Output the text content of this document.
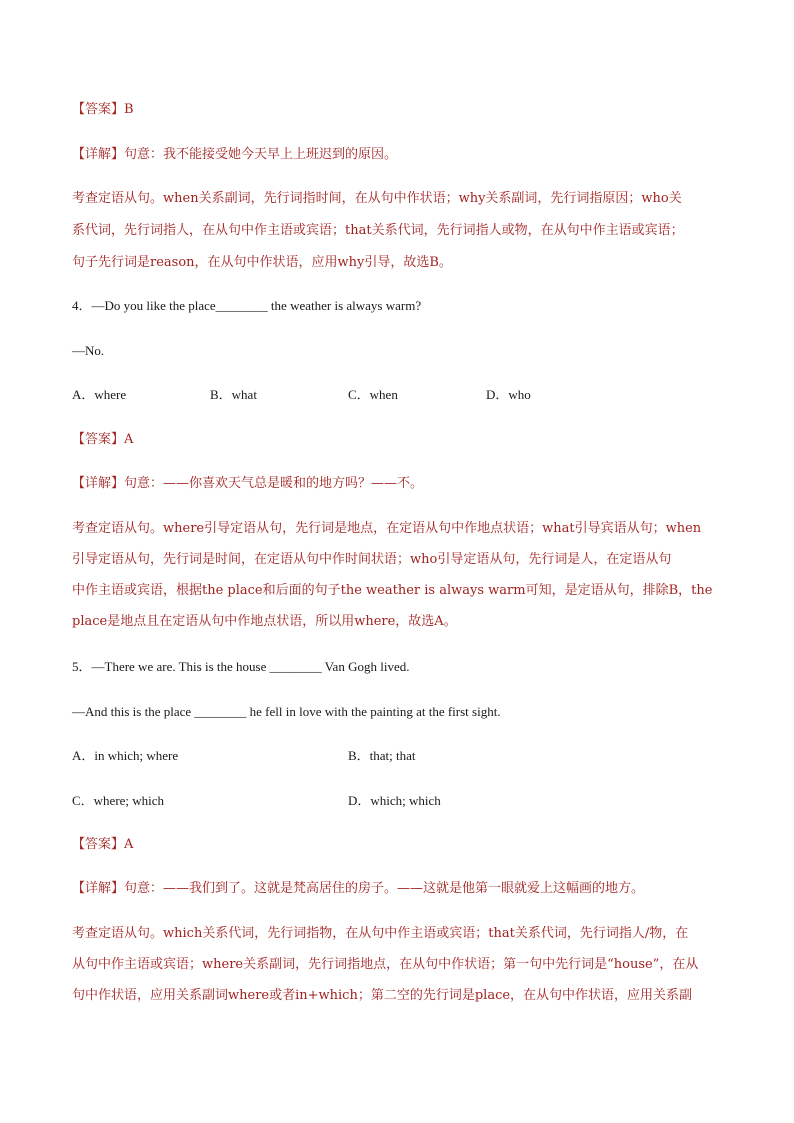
【答案】B
【详解】句意：我不能接受她今天早上上班迟到的原因。
考查定语从句。when关系副词，先行词指时间，在从句中作状语；why关系副词，先行词指原因；who关
系代词，先行词指人，在从句中作主语或宾语；that关系代词，先行词指人或物，在从句中作主语或宾语；
句子先行词是reason，在从句中作状语，应用why引导，故选B。
4．—Do you like the place________ the weather is always warm?
—No.
A．where	B．what	C．when	D．who
【答案】A
【详解】句意：——你喜欢天气总是暖和的地方吗？——不。
考查定语从句。where引导定语从句，先行词是地点，在定语从句中作地点状语；what引导宾语从句；when
引导定语从句，先行词是时间，在定语从句中作时间状语；who引导定语从句，先行词是人，在定语从句
中作主语或宾语，根据the place和后面的句子the weather is always warm可知，是定语从句，排除B，the
place是地点且在定语从句中作地点状语，所以用where，故选A。
5．—There we are. This is the house ________ Van Gogh lived.
—And this is the place ________ he fell in love with the painting at the first sight.
A．in which; where	B．that; that
C．where; which	D．which; which
【答案】A
【详解】句意：——我们到了。这就是梵高居住的房子。——这就是他第一眼就爱上这幅画的地方。
考查定语从句。which关系代词，先行词指物，在从句中作主语或宾语；that关系代词，先行词指人/物，在
从句中作主语或宾语；where关系副词，先行词指地点，在从句中作状语；第一句中先行词是“house”，在从
句中作状语，应用关系副词where或者in+which；第二空的先行词是place，在从句中作状语，应用关系副
